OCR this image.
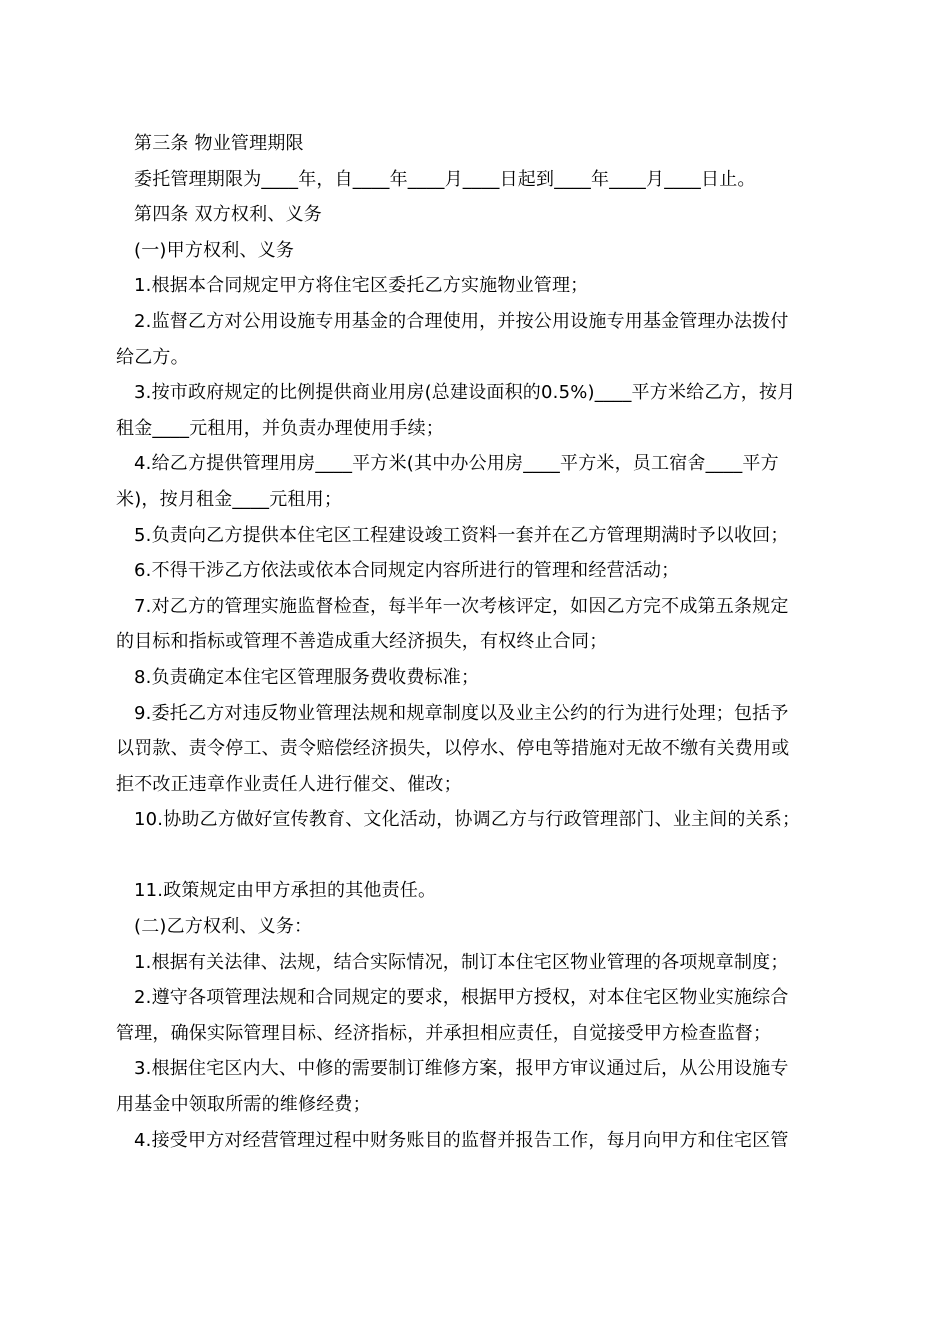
第三条 物业管理期限
委托管理期限为____年，自____年____月____日起到____年____月____日止。
第四条 双方权利、义务
(一)甲方权利、义务
1.根据本合同规定甲方将住宅区委托乙方实施物业管理；
2.监督乙方对公用设施专用基金的合理使用，并按公用设施专用基金管理办法拨付
给乙方。
3.按市政府规定的比例提供商业用房(总建设面积的0.5%)____平方米给乙方，按月
租金____元租用，并负责办理使用手续；
4.给乙方提供管理用房____平方米(其中办公用房____平方米，员工宿舍____平方
米)，按月租金____元租用；
5.负责向乙方提供本住宅区工程建设竣工资料一套并在乙方管理期满时予以收回；
6.不得干涉乙方依法或依本合同规定内容所进行的管理和经营活动；
7.对乙方的管理实施监督检查，每半年一次考核评定，如因乙方完不成第五条规定
的目标和指标或管理不善造成重大经济损失，有权终止合同；
8.负责确定本住宅区管理服务费收费标准；
9.委托乙方对违反物业管理法规和规章制度以及业主公约的行为进行处理；包括予
以罚款、责令停工、责令赔偿经济损失，以停水、停电等措施对无故不缴有关费用或
拒不改正违章作业责任人进行催交、催改；
10.协助乙方做好宣传教育、文化活动，协调乙方与行政管理部门、业主间的关系；
11.政策规定由甲方承担的其他责任。
(二)乙方权利、义务：
1.根据有关法律、法规，结合实际情况，制订本住宅区物业管理的各项规章制度；
2.遵守各项管理法规和合同规定的要求，根据甲方授权，对本住宅区物业实施综合
管理，确保实际管理目标、经济指标，并承担相应责任，自觉接受甲方检查监督；
3.根据住宅区内大、中修的需要制订维修方案，报甲方审议通过后，从公用设施专
用基金中领取所需的维修经费；
4.接受甲方对经营管理过程中财务账目的监督并报告工作，每月向甲方和住宅区管
